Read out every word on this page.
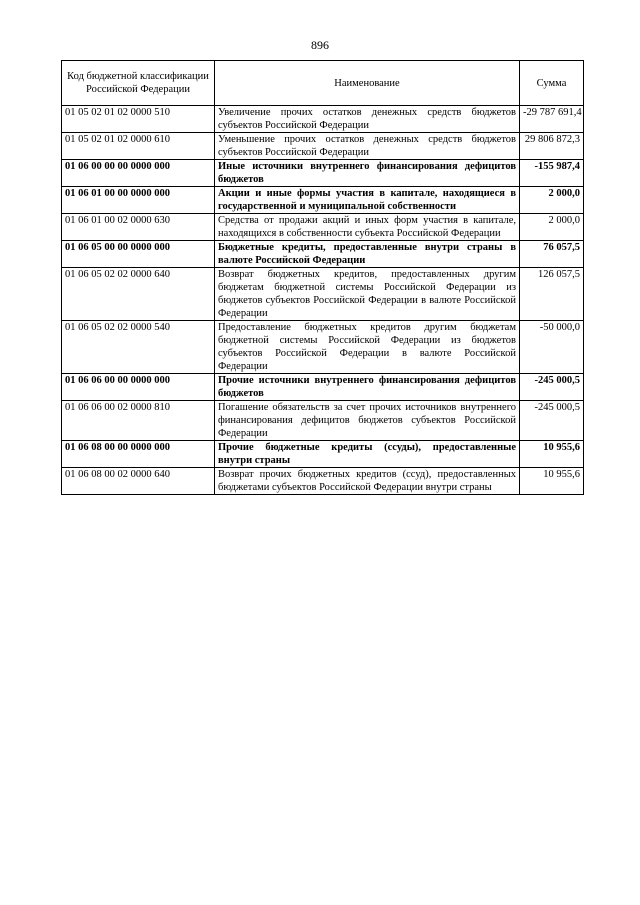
896
Код бюджетной классификации Российской Федерации	Наименование	Сумма
01 05 02 01 02 0000 510	Увеличение прочих остатков денежных средств бюджетов субъектов Российской Федерации	-29 787 691,4
01 05 02 01 02 0000 610	Уменьшение прочих остатков денежных средств бюджетов субъектов Российской Федерации	29 806 872,3
01 06 00 00 00 0000 000	Иные источники внутреннего финансирования дефицитов бюджетов	-155 987,4
01 06 01 00 00 0000 000	Акции и иные формы участия в капитале, находящиеся в государственной и муниципальной собственности	2 000,0
01 06 01 00 02 0000 630	Средства от продажи акций и иных форм участия в капитале, находящихся в собственности субъекта Российской Федерации	2 000,0
01 06 05 00 00 0000 000	Бюджетные кредиты, предоставленные внутри страны в валюте Российской Федерации	76 057,5
01 06 05 02 02 0000 640	Возврат бюджетных кредитов, предоставленных другим бюджетам бюджетной системы Российской Федерации из бюджетов субъектов Российской Федерации в валюте Российской Федерации	126 057,5
01 06 05 02 02 0000 540	Предоставление бюджетных кредитов другим бюджетам бюджетной системы Российской Федерации из бюджетов субъектов Российской Федерации в валюте Российской Федерации	-50 000,0
01 06 06 00 00 0000 000	Прочие источники внутреннего финансирования дефицитов бюджетов	-245 000,5
01 06 06 00 02 0000 810	Погашение обязательств за счет прочих источников внутреннего финансирования дефицитов бюджетов субъектов Российской Федерации	-245 000,5
01 06 08 00 00 0000 000	Прочие бюджетные кредиты (ссуды), предоставленные внутри страны	10 955,6
01 06 08 00 02 0000 640	Возврат прочих бюджетных кредитов (ссуд), предоставленных бюджетами субъектов Российской Федерации внутри страны	10 955,6
